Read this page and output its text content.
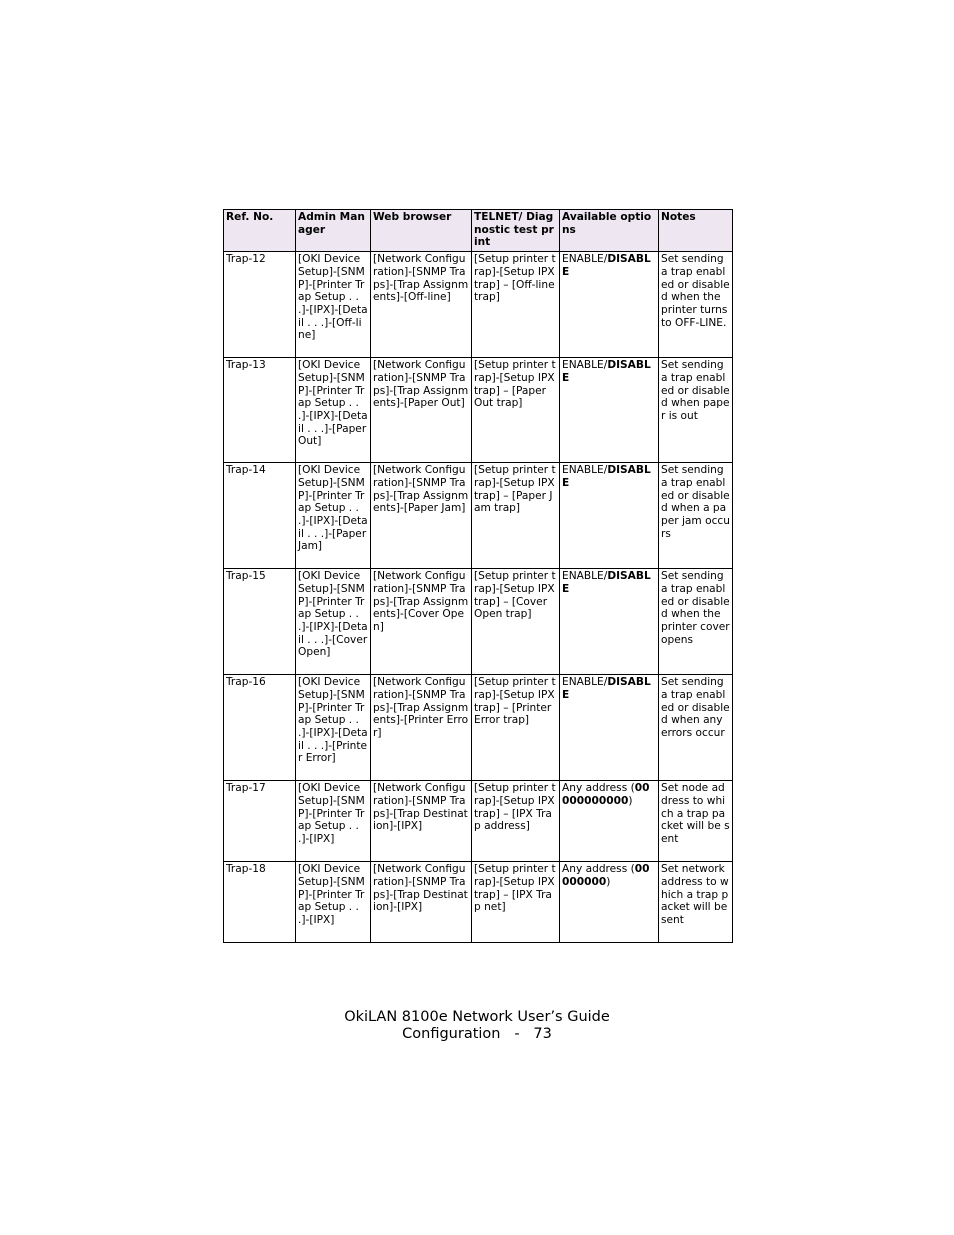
Ref. No.	Admin Manager	Web browser	TELNET/ Diagnostic test print	Available options	Notes
Trap-12	[OKI Device Setup]-[SNMP]-[Printer Trap Setup . . .]-[IPX]-[Detail . . .]-[Off-line]	[Network Configuration]-[SNMP Traps]-[Trap Assignments]-[Off-line]	[Setup printer trap]-[Setup IPX trap] – [Off-line trap]	ENABLE/DISABLE	Set sending a trap enabled or disabled when the printer turns to OFF-LINE.
Trap-13	[OKI Device Setup]-[SNMP]-[Printer Trap Setup . . .]-[IPX]-[Detail . . .]-[Paper Out]	[Network Configuration]-[SNMP Traps]-[Trap Assignments]-[Paper Out]	[Setup printer trap]-[Setup IPX trap] – [Paper Out trap]	ENABLE/DISABLE	Set sending a trap enabled or disabled when paper is out
Trap-14	[OKI Device Setup]-[SNMP]-[Printer Trap Setup . . .]-[IPX]-[Detail . . .]-[Paper Jam]	[Network Configuration]-[SNMP Traps]-[Trap Assignments]-[Paper Jam]	[Setup printer trap]-[Setup IPX trap] – [Paper Jam trap]	ENABLE/DISABLE	Set sending a trap enabled or disabled when a paper jam occurs
Trap-15	[OKI Device Setup]-[SNMP]-[Printer Trap Setup . . .]-[IPX]-[Detail . . .]-[Cover Open]	[Network Configuration]-[SNMP Traps]-[Trap Assignments]-[Cover Open]	[Setup printer trap]-[Setup IPX trap] – [Cover Open trap]	ENABLE/DISABLE	Set sending a trap enabled or disabled when the printer cover opens
Trap-16	[OKI Device Setup]-[SNMP]-[Printer Trap Setup . . .]-[IPX]-[Detail . . .]-[Printer Error]	[Network Configuration]-[SNMP Traps]-[Trap Assignments]-[Printer Error]	[Setup printer trap]-[Setup IPX trap] – [Printer Error trap]	ENABLE/DISABLE	Set sending a trap enabled or disabled when any errors occur
Trap-17	[OKI Device Setup]-[SNMP]-[Printer Trap Setup . . .]-[IPX]	[Network Configuration]-[SNMP Traps]-[Trap Destination]-[IPX]	[Setup printer trap]-[Setup IPX trap] – [IPX Trap address]	Any address (00000000000)	Set node address to which a trap packet will be sent
Trap-18	[OKI Device Setup]-[SNMP]-[Printer Trap Setup . . .]-[IPX]	[Network Configuration]-[SNMP Traps]-[Trap Destination]-[IPX]	[Setup printer trap]-[Setup IPX trap] – [IPX Trap net]	Any address (00000000)	Set network address to which a trap packet will be sent
OkiLAN 8100e Network User’s Guide
Configuration   -   73
